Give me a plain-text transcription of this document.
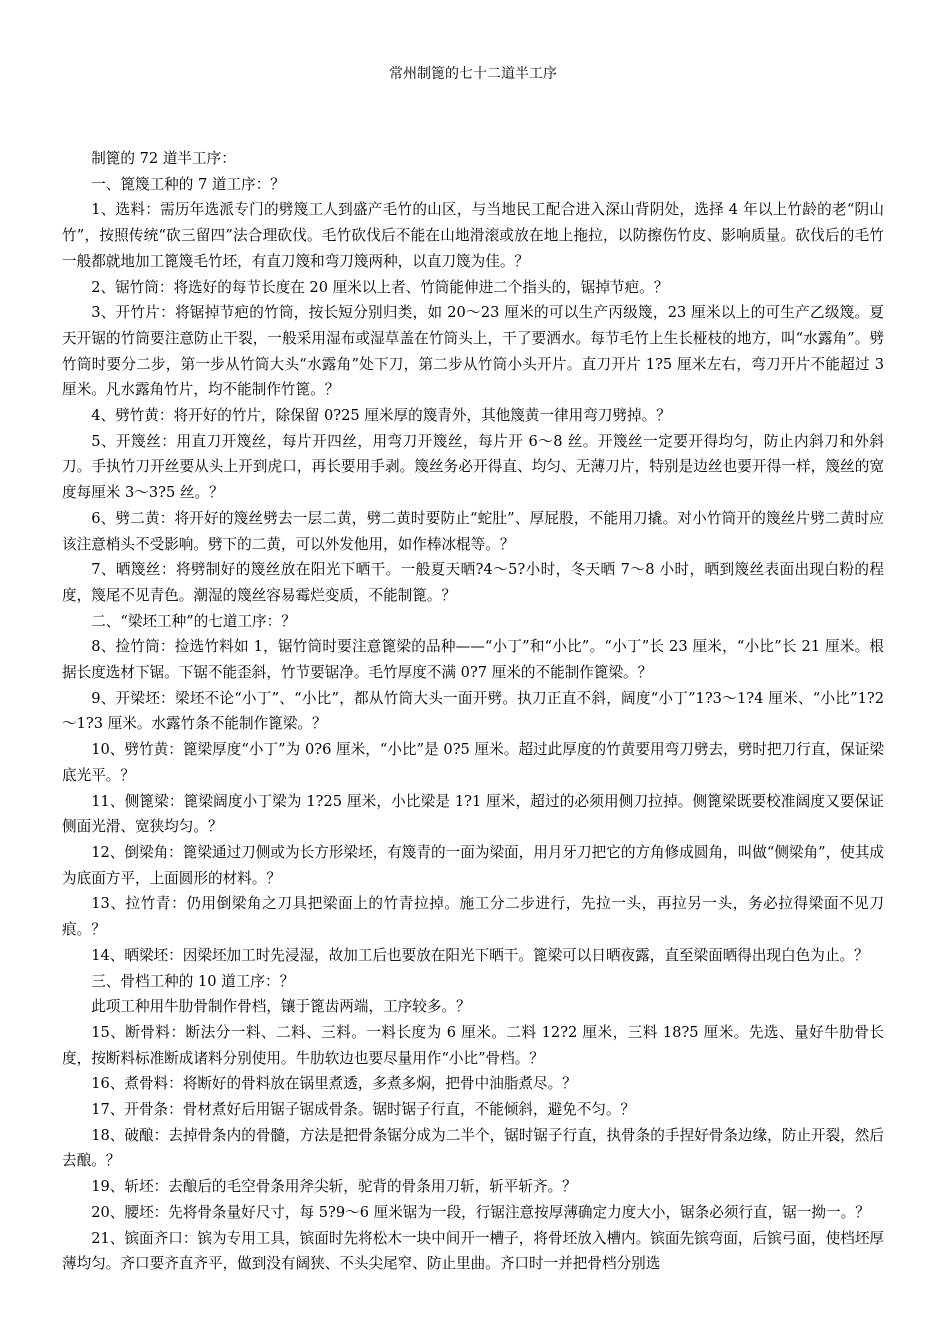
常州制篦的七十二道半工序

制篦的 72 道半工序：

一、篦篾工种的 7 道工序：？

1、选料：需历年选派专门的劈篾工人到盛产毛竹的山区，与当地民工配合进入深山背阴处，选择 4 年以上竹龄的老“阴山竹”，按照传统“砍三留四”法合理砍伐。毛竹砍伐后不能在山地滑滚或放在地上拖拉，以防擦伤竹皮、影响质量。砍伐后的毛竹一般都就地加工篦篾毛竹坯，有直刀篾和弯刀篾两种，以直刀篾为佳。？

2、锯竹筒：将选好的每节长度在 20 厘米以上者、竹筒能伸进二个指头的，锯掉节疤。？

3、开竹片：将锯掉节疤的竹筒，按长短分别归类，如 20～23 厘米的可以生产丙级篾，23 厘米以上的可生产乙级篾。夏天开锯的竹筒要注意防止干裂，一般采用湿布或湿草盖在竹筒头上，干了要洒水。每节毛竹上生长桠枝的地方，叫“水露角”。劈竹筒时要分二步，第一步从竹筒大头“水露角”处下刀，第二步从竹筒小头开片。直刀开片 1?5 厘米左右，弯刀开片不能超过 3 厘米。凡水露角竹片，均不能制作竹篦。？

4、劈竹黄：将开好的竹片，除保留 0?25 厘米厚的篾青外，其他篾黄一律用弯刀劈掉。？

5、开篾丝：用直刀开篾丝，每片开四丝，用弯刀开篾丝，每片开 6～8 丝。开篾丝一定要开得均匀，防止内斜刀和外斜刀。手执竹刀开丝要从头上开到虎口，再长要用手剥。篾丝务必开得直、均匀、无薄刀片，特别是边丝也要开得一样，篾丝的宽度每厘米 3～3?5 丝。？

6、劈二黄：将开好的篾丝劈去一层二黄，劈二黄时要防止“蛇肚”、厚屁股，不能用刀撬。对小竹筒开的篾丝片劈二黄时应该注意梢头不受影响。劈下的二黄，可以外发他用，如作棒冰棍等。？

7、晒篾丝：将劈制好的篾丝放在阳光下晒干。一般夏天晒?4～5?小时，冬天晒 7～8 小时，晒到篾丝表面出现白粉的程度，篾尾不见青色。潮湿的篾丝容易霉烂变质，不能制篦。？

二、“梁坯工种”的七道工序：？

8、捡竹筒：捡选竹料如 1，锯竹筒时要注意篦梁的品种——“小丁”和“小比”。“小丁”长 23 厘米，“小比”长 21 厘米。根据长度选材下锯。下锯不能歪斜，竹节要锯净。毛竹厚度不满 0?7 厘米的不能制作篦梁。？

9、开梁坯：梁坯不论“小丁”、“小比”，都从竹筒大头一面开劈。执刀正直不斜，阔度“小丁”1?3～1?4 厘米、“小比”1?2～1?3 厘米。水露竹条不能制作篦梁。？

10、劈竹黄：篦梁厚度“小丁”为 0?6 厘米，“小比”是 0?5 厘米。超过此厚度的竹黄要用弯刀劈去，劈时把刀行直，保证梁底光平。？

11、侧篦梁：篦梁阔度小丁梁为 1?25 厘米，小比梁是 1?1 厘米，超过的必须用侧刀拉掉。侧篦梁既要校准阔度又要保证侧面光滑、宽狭均匀。？

12、倒梁角：篦梁通过刀侧或为长方形梁坯，有篾青的一面为梁面，用月牙刀把它的方角修成圆角，叫做“侧梁角”，使其成为底面方平，上面圆形的材料。？

13、拉竹青：仍用倒梁角之刀具把梁面上的竹青拉掉。施工分二步进行，先拉一头，再拉另一头，务必拉得梁面不见刀痕。？

14、晒梁坯：因梁坯加工时先浸湿，故加工后也要放在阳光下晒干。篦梁可以日晒夜露，直至梁面晒得出现白色为止。？

三、骨档工种的 10 道工序：？

此项工种用牛肋骨制作骨档，镶于篦齿两端，工序较多。？

15、断骨料：断法分一料、二料、三料。一料长度为 6 厘米。二料 12?2 厘米，三料 18?5 厘米。先选、量好牛肋骨长度，按断料标准断成诸料分别使用。牛肋软边也要尽量用作“小比”骨档。？

16、煮骨料：将断好的骨料放在锅里煮透，多煮多焖，把骨中油脂煮尽。？

17、开骨条：骨材煮好后用锯子锯成骨条。锯时锯子行直，不能倾斜，避免不匀。？

18、破酿：去掉骨条内的骨髓，方法是把骨条锯分成为二半个，锯时锯子行直，执骨条的手捏好骨条边缘，防止开裂，然后去酿。？

19、斩坯：去酿后的毛空骨条用斧尖斩，驼背的骨条用刀斩，斩平斩齐。？

20、腰坯：先将骨条量好尺寸，每 5?9～6 厘米锯为一段，行锯注意按厚薄确定力度大小，锯条必须行直，锯一拗一。？

21、镔面齐口：镔为专用工具，镔面时先将松木一块中间开一槽子，将骨坯放入槽内。镔面先镔弯面，后镔弓面，使档坯厚薄均匀。齐口要齐直齐平，做到没有阔狭、不头尖尾窄、防止里曲。齐口时一并把骨档分别选
